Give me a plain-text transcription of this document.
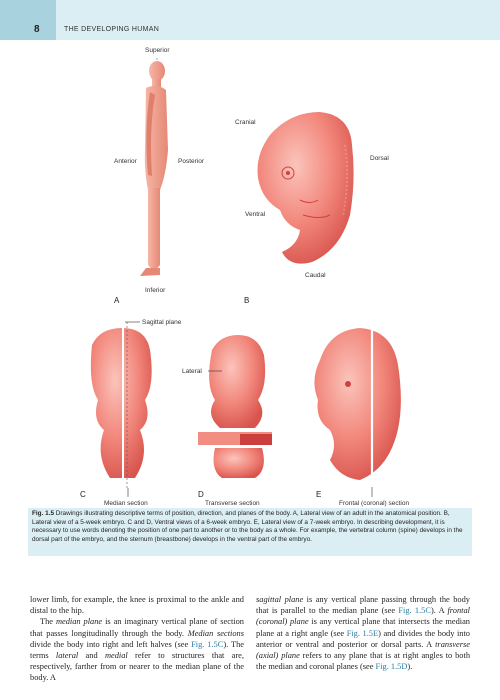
8	THE DEVELOPING HUMAN
Superior
Anterior	Posterior
Inferior
A
Cranial
Dorsal
Ventral
Caudal
B
Sagittal plane
C
Median section
Lateral
D
Transverse section
E
Frontal (coronal) section
Fig. 1.5 Drawings illustrating descriptive terms of position, direction, and planes of the body. A, Lateral view of an adult in the anatomical position. B, Lateral view of a 5-week embryo. C and D, Ventral views of a 6-week embryo. E, Lateral view of a 7-week embryo. In describing development, it is necessary to use words denoting the position of one part to another or to the body as a whole. For example, the vertebral column (spine) develops in the dorsal part of the embryo, and the sternum (breastbone) develops in the ventral part of the embryo.

lower limb, for example, the knee is proximal to the ankle and distal to the hip.

The median plane is an imaginary vertical plane of section that passes longitudinally through the body. Median sections divide the body into right and left halves (see Fig. 1.5C). The terms lateral and medial refer to structures that are, respectively, farther from or nearer to the median plane of the body. A

sagittal plane is any vertical plane passing through the body that is parallel to the median plane (see Fig. 1.5C). A frontal (coronal) plane is any vertical plane that intersects the median plane at a right angle (see Fig. 1.5E) and divides the body into anterior or ventral and posterior or dorsal parts. A transverse (axial) plane refers to any plane that is at right angles to both the median and coronal planes (see Fig. 1.5D).
